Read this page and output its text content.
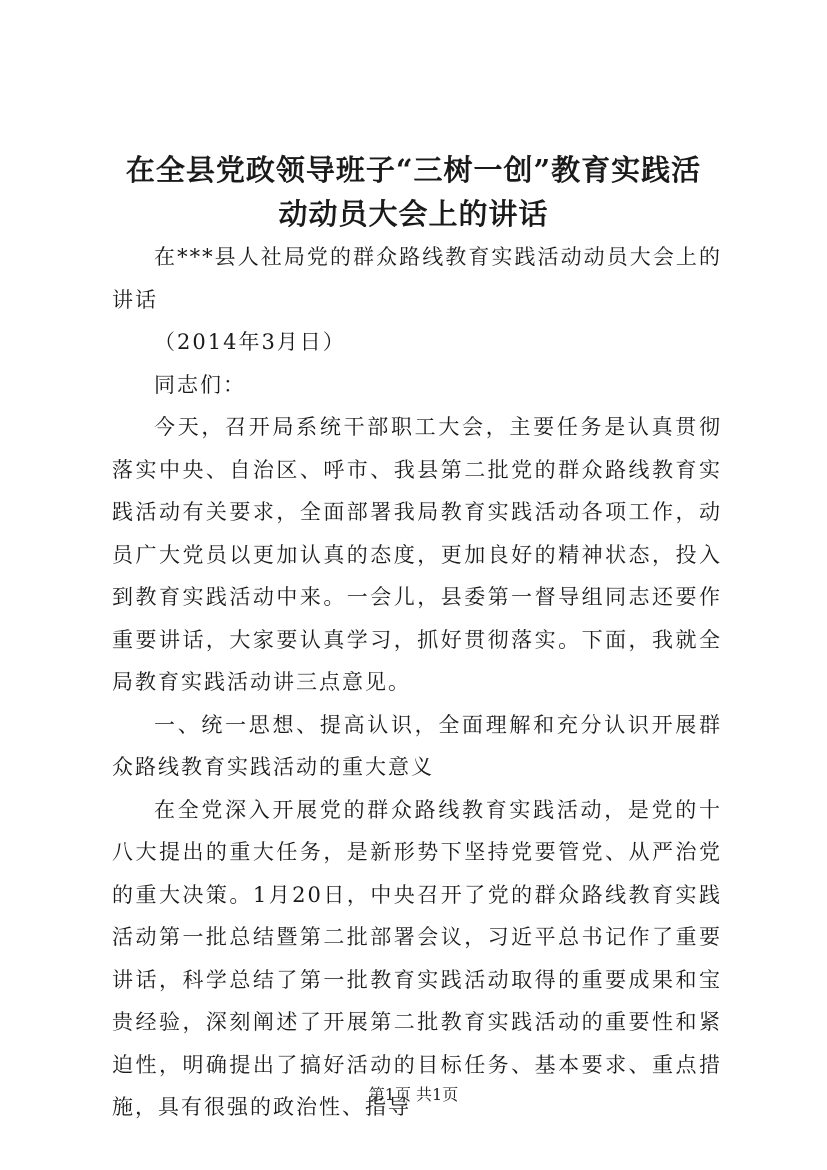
在全县党政领导班子“三树一创”教育实践活
动动员大会上的讲话

在***县人社局党的群众路线教育实践活动动员大会上的讲话

（2014年3月日）

同志们：

今天，召开局系统干部职工大会，主要任务是认真贯彻落实中央、自治区、呼市、我县第二批党的群众路线教育实践活动有关要求，全面部署我局教育实践活动各项工作，动员广大党员以更加认真的态度，更加良好的精神状态，投入到教育实践活动中来。一会儿，县委第一督导组同志还要作重要讲话，大家要认真学习，抓好贯彻落实。下面，我就全局教育实践活动讲三点意见。

一、统一思想、提高认识，全面理解和充分认识开展群众路线教育实践活动的重大意义

在全党深入开展党的群众路线教育实践活动，是党的十八大提出的重大任务，是新形势下坚持党要管党、从严治党的重大决策。1月20日，中央召开了党的群众路线教育实践活动第一批总结暨第二批部署会议，习近平总书记作了重要讲话，科学总结了第一批教育实践活动取得的重要成果和宝贵经验，深刻阐述了开展第二批教育实践活动的重要性和紧迫性，明确提出了搞好活动的目标任务、基本要求、重点措施，具有很强的政治性、指导

第1页 共1页
